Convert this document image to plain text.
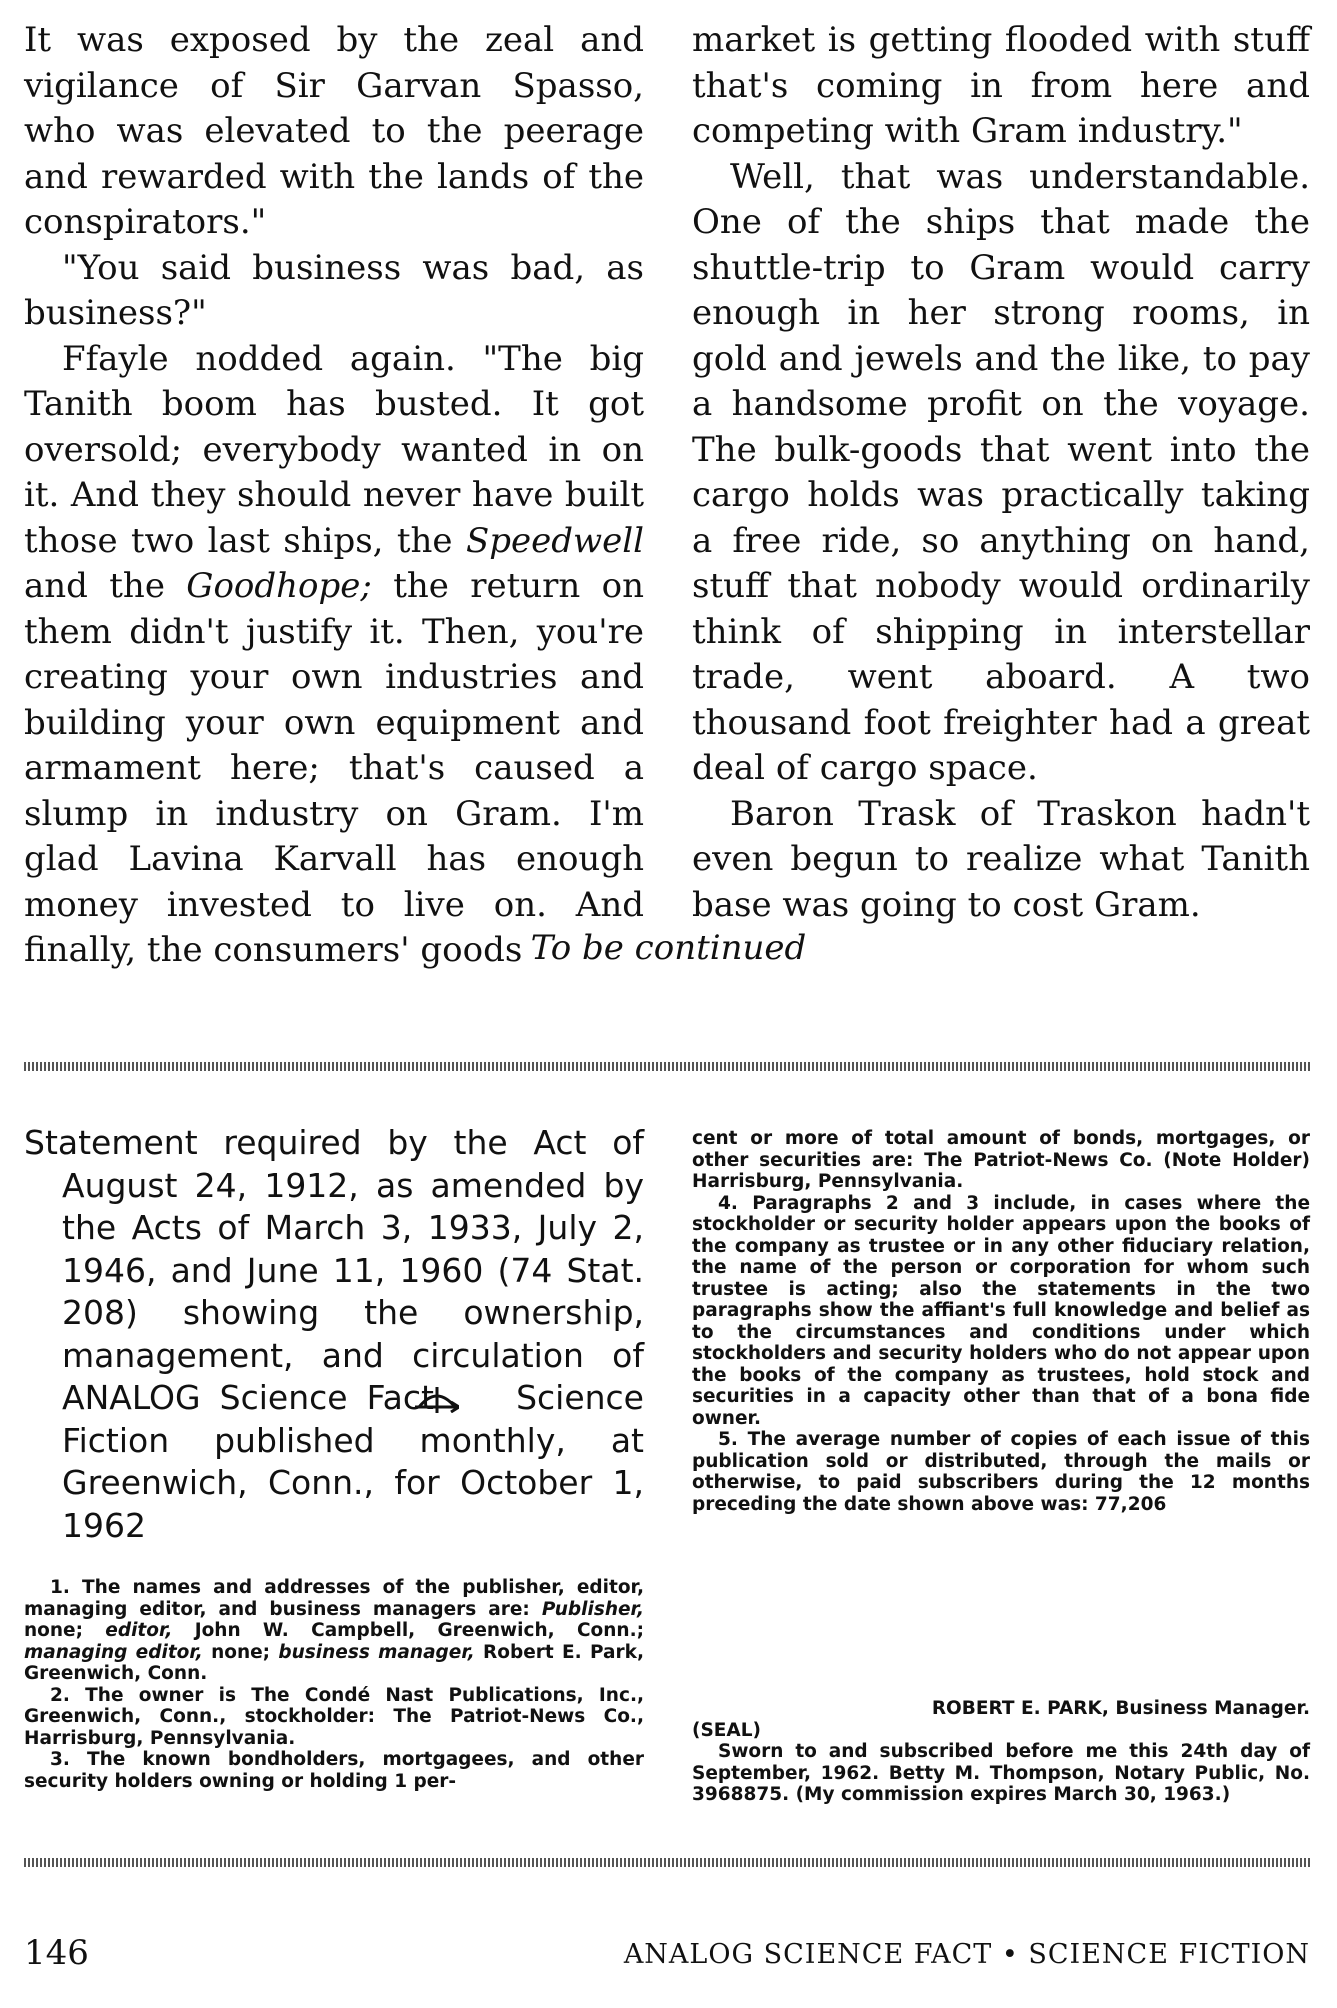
It was exposed by the zeal and vigilance of Sir Garvan Spasso, who was elevated to the peerage and rewarded with the lands of the conspirators."

"You said business was bad, as business?"

Ffayle nodded again. "The big Tanith boom has busted. It got oversold; everybody wanted in on it. And they should never have built those two last ships, the Speedwell and the Goodhope; the return on them didn't justify it. Then, you're creating your own industries and building your own equipment and armament here; that's caused a slump in industry on Gram. I'm glad Lavina Karvall has enough money invested to live on. And finally, the consumers' goods

market is getting flooded with stuff that's coming in from here and competing with Gram industry."

Well, that was understandable. One of the ships that made the shuttle-trip to Gram would carry enough in her strong rooms, in gold and jewels and the like, to pay a handsome profit on the voyage. The bulk-goods that went into the cargo holds was practically taking a free ride, so anything on hand, stuff that nobody would ordinarily think of shipping in interstellar trade, went aboard. A two thousand foot freighter had a great deal of cargo space.

Baron Trask of Traskon hadn't even begun to realize what Tanith base was going to cost Gram.

To be continued

Statement required by the Act of August 24, 1912, as amended by the Acts of March 3, 1933, July 2, 1946, and June 11, 1960 (74 Stat. 208) showing the ownership, management, and circulation of ANALOG Science Fact Science Fiction published monthly, at Greenwich, Conn., for October 1, 1962

1. The names and addresses of the publisher, editor, managing editor, and business managers are: Publisher, none; editor, John W. Campbell, Greenwich, Conn.; managing editor, none; business manager, Robert E. Park, Greenwich, Conn.

2. The owner is The Condé Nast Publications, Inc., Greenwich, Conn., stockholder: The Patriot-News Co., Harrisburg, Pennsylvania.

3. The known bondholders, mortgagees, and other security holders owning or holding 1 per-

cent or more of total amount of bonds, mortgages, or other securities are: The Patriot-News Co. (Note Holder) Harrisburg, Pennsylvania.

4. Paragraphs 2 and 3 include, in cases where the stockholder or security holder appears upon the books of the company as trustee or in any other fiduciary relation, the name of the person or corporation for whom such trustee is acting; also the statements in the two paragraphs show the affiant's full knowledge and belief as to the circumstances and conditions under which stockholders and security holders who do not appear upon the books of the company as trustees, hold stock and securities in a capacity other than that of a bona fide owner.

5. The average number of copies of each issue of this publication sold or distributed, through the mails or otherwise, to paid subscribers during the 12 months preceding the date shown above was: 77,206

ROBERT E. PARK, Business Manager.

(SEAL)

Sworn to and subscribed before me this 24th day of September, 1962. Betty M. Thompson, Notary Public, No. 3968875. (My commission expires March 30, 1963.)

146	ANALOG SCIENCE FACT • SCIENCE FICTION
